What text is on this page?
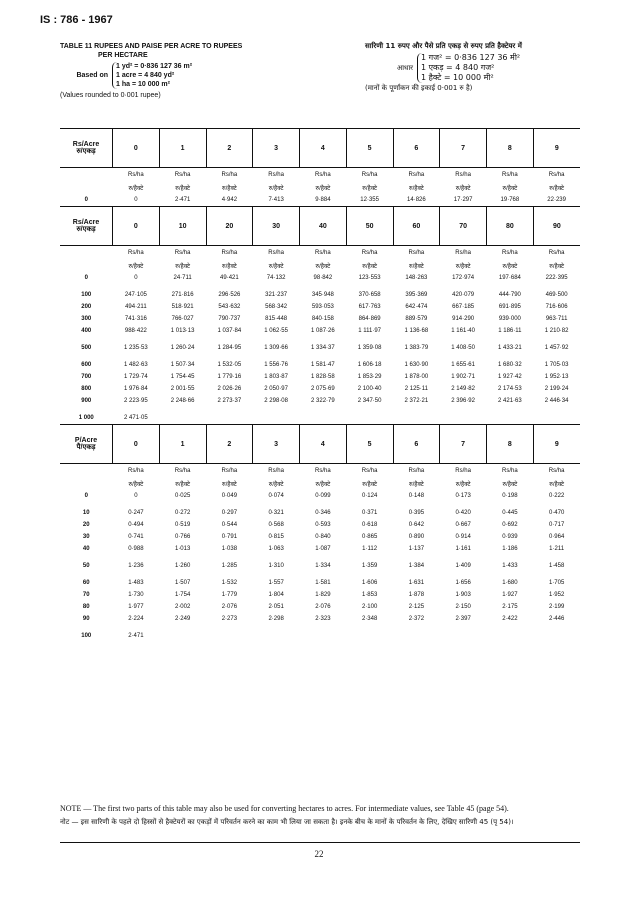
IS : 786 - 1967
TABLE 11 RUPEES AND PAISE PER ACRE TO RUPEES
PER HECTARE
Based on
1 yd² = 0·836 127 36 m²
1 acre = 4 840 yd²
1 ha = 10 000 m²
(Values rounded to 0·001 rupee)
सारिणी 11 रुपए और पैसे प्रति एकड़ से रुपए प्रति हैक्टेयर में
आधार
1 गज² = 0·836 127 36 मी²
1 एकड़ = 4 840 गज²
1 हैक्टे = 10 000 मी²
(मानों के पूर्णांकन की इकाई 0·001 रु है)
Rs/Acre
रु/एकड़	0	1	2	3	4	5	6	7	8	9
	Rs/ha	Rs/ha	Rs/ha	Rs/ha	Rs/ha	Rs/ha	Rs/ha	Rs/ha	Rs/ha	Rs/ha
	रु/हैक्टे	रु/हैक्टे	रु/हैक्टे	रु/हैक्टे	रु/हैक्टे	रु/हैक्टे	रु/हैक्टे	रु/हैक्टे	रु/हैक्टे	रु/हैक्टे
0	0	2·471	4·942	7·413	9·884	12·355	14·826	17·297	19·768	22·239

Rs/Acre
रु/एकड़	0	10	20	30	40	50	60	70	80	90
	Rs/ha	Rs/ha	Rs/ha	Rs/ha	Rs/ha	Rs/ha	Rs/ha	Rs/ha	Rs/ha	Rs/ha
	रु/हैक्टे	रु/हैक्टे	रु/हैक्टे	रु/हैक्टे	रु/हैक्टे	रु/हैक्टे	रु/हैक्टे	रु/हैक्टे	रु/हैक्टे	रु/हैक्टे
0	0	24·711	49·421	74·132	98·842	123·553	148·263	172·974	197·684	222·395
100	247·105	271·816	296·526	321·237	345·948	370·658	395·369	420·079	444·790	469·500
200	494·211	518·921	543·632	568·342	593·053	617·763	642·474	667·185	691·895	716·606
300	741·316	766·027	790·737	815·448	840·158	864·869	889·579	914·290	939·000	963·711
400	988·422	1 013·13	1 037·84	1 062·55	1 087·26	1 111·97	1 136·68	1 161·40	1 186·11	1 210·82
500	1 235·53	1 260·24	1 284·95	1 309·66	1 334·37	1 359·08	1 383·79	1 408·50	1 433·21	1 457·92
600	1 482·63	1 507·34	1 532·05	1 556·76	1 581·47	1 606·18	1 630·90	1 655·61	1 680·32	1 705·03
700	1 729·74	1 754·45	1 779·16	1 803·87	1 828·58	1 853·29	1 878·00	1 902·71	1 927·42	1 952·13
800	1 976·84	2 001·55	2 026·26	2 050·97	2 075·69	2 100·40	2 125·11	2 149·82	2 174·53	2 199·24
900	2 223·95	2 248·66	2 273·37	2 298·08	2 322·79	2 347·50	2 372·21	2 396·92	2 421·63	2 446·34
1 000	2 471·05									

P/Acre
पै/एकड़	0	1	2	3	4	5	6	7	8	9
	Rs/ha	Rs/ha	Rs/ha	Rs/ha	Rs/ha	Rs/ha	Rs/ha	Rs/ha	Rs/ha	Rs/ha
	रु/हैक्टे	रु/हैक्टे	रु/हैक्टे	रु/हैक्टे	रु/हैक्टे	रु/हैक्टे	रु/हैक्टे	रु/हैक्टे	रु/हैक्टे	रु/हैक्टे
0	0	0·025	0·049	0·074	0·099	0·124	0·148	0·173	0·198	0·222
10	0·247	0·272	0·297	0·321	0·346	0·371	0·395	0·420	0·445	0·470
20	0·494	0·519	0·544	0·568	0·593	0·618	0·642	0·667	0·692	0·717
30	0·741	0·766	0·791	0·815	0·840	0·865	0·890	0·914	0·939	0·964
40	0·988	1·013	1·038	1·063	1·087	1·112	1·137	1·161	1·186	1·211
50	1·236	1·260	1·285	1·310	1·334	1·359	1·384	1·409	1·433	1·458
60	1·483	1·507	1·532	1·557	1·581	1·606	1·631	1·656	1·680	1·705
70	1·730	1·754	1·779	1·804	1·829	1·853	1·878	1·903	1·927	1·952
80	1·977	2·002	2·076	2·051	2·076	2·100	2·125	2·150	2·175	2·199
90	2·224	2·249	2·273	2·298	2·323	2·348	2·372	2·397	2·422	2·446
100	2·471									
NOTE — The first two parts of this table may also be used for converting hectares to acres. For intermediate values, see Table 45 (page 54).
नोट — इस सारिणी के पहले दो हिस्सों से हैक्टेयरों का एकड़ों में परिवर्तन करने का काम भी लिया जा सकता है। इनके बीच के मानों के परिवर्तन के लिए, देखिए सारिणी 45 (पृ 54)।
22
